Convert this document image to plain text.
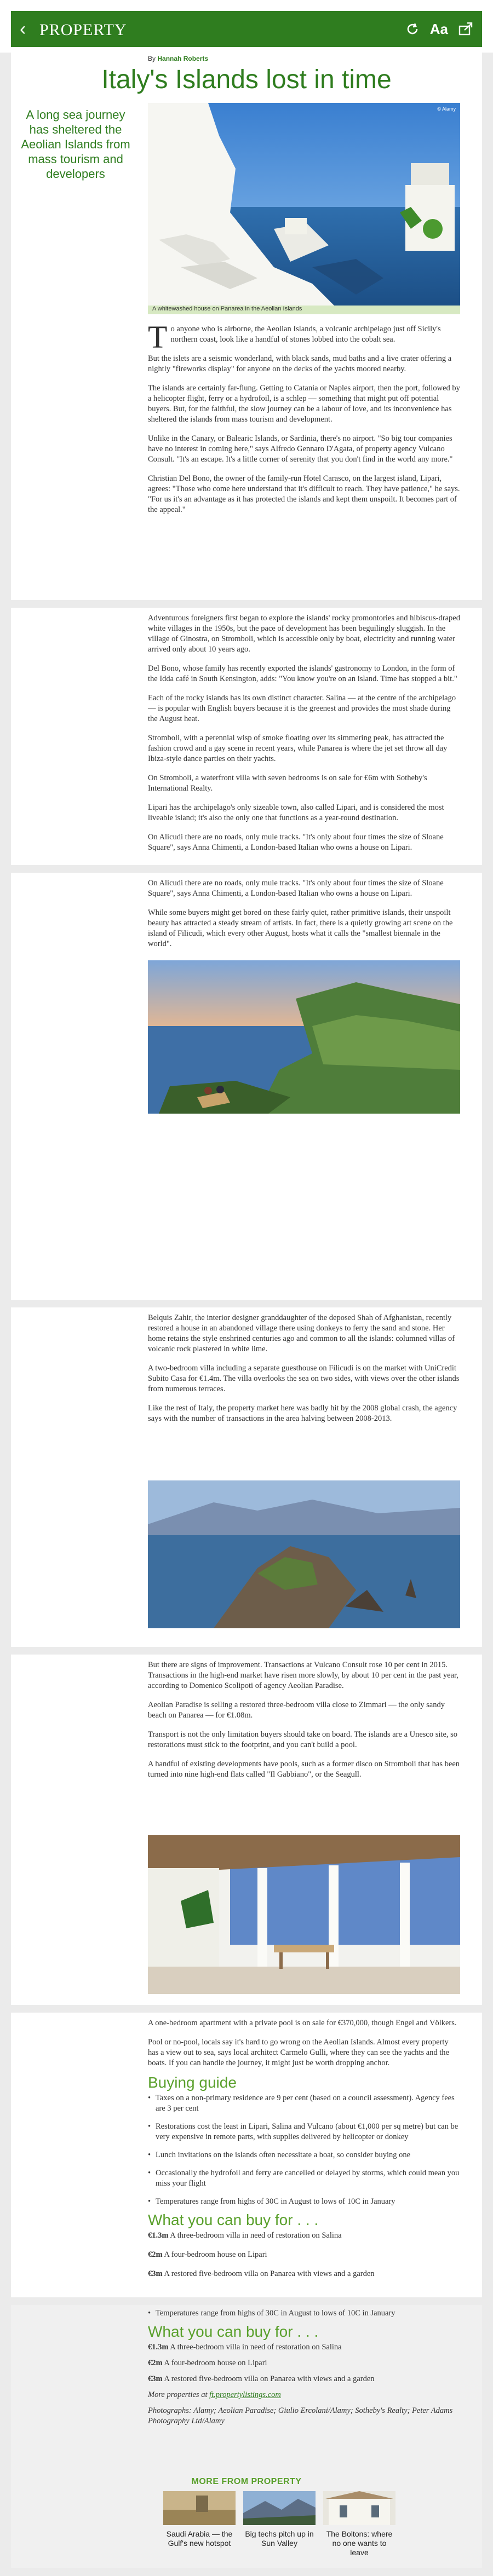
‹ PROPERTY	Aa
By Hannah Roberts
Italy's Islands lost in time
A long sea journey has sheltered the Aeolian Islands from mass tourism and developers
© Alamy
A whitewashed house on Panarea in the Aeolian Islands

To anyone who is airborne, the Aeolian Islands, a volcanic archipelago just off Sicily's northern coast, look like a handful of stones lobbed into the cobalt sea.

But the islets are a seismic wonderland, with black sands, mud baths and a live crater offering a nightly "fireworks display" for anyone on the decks of the yachts moored nearby.

The islands are certainly far-flung. Getting to Catania or Naples airport, then the port, followed by a helicopter flight, ferry or a hydrofoil, is a schlep — something that might put off potential buyers. But, for the faithful, the slow journey can be a labour of love, and its inconvenience has sheltered the islands from mass tourism and development.

Unlike in the Canary, or Balearic Islands, or Sardinia, there's no airport. "So big tour companies have no interest in coming here," says Alfredo Gennaro D'Agata, of property agency Vulcano Consult. "It's an escape. It's a little corner of serenity that you don't find in the world any more."

Christian Del Bono, the owner of the family-run Hotel Carasco, on the largest island, Lipari, agrees: "Those who come here understand that it's difficult to reach. They have patience," he says. "For us it's an advantage as it has protected the islands and kept them unspoilt. It becomes part of the appeal."

Adventurous foreigners first began to explore the islands' rocky promontories and hibiscus-draped white villages in the 1950s, but the pace of development has been beguilingly sluggish. In the village of Ginostra, on Stromboli, which is accessible only by boat, electricity and running water arrived only about 10 years ago.

Del Bono, whose family has recently exported the islands' gastronomy to London, in the form of the Idda café in South Kensington, adds: "You know you're on an island. Time has stopped a bit."

Each of the rocky islands has its own distinct character. Salina — at the centre of the archipelago — is popular with English buyers because it is the greenest and provides the most shade during the August heat.

Stromboli, with a perennial wisp of smoke floating over its simmering peak, has attracted the fashion crowd and a gay scene in recent years, while Panarea is where the jet set throw all day Ibiza-style dance parties on their yachts.

On Stromboli, a waterfront villa with seven bedrooms is on sale for €6m with Sotheby's International Realty.

Lipari has the archipelago's only sizeable town, also called Lipari, and is considered the most liveable island; it's also the only one that functions as a year-round destination.

On Alicudi there are no roads, only mule tracks. "It's only about four times the size of Sloane Square", says Anna Chimenti, a London-based Italian who owns a house on Lipari.

On Alicudi there are no roads, only mule tracks. "It's only about four times the size of Sloane Square", says Anna Chimenti, a London-based Italian who owns a house on Lipari.

While some buyers might get bored on these fairly quiet, rather primitive islands, their unspoilt beauty has attracted a steady stream of artists. In fact, there is a quietly growing art scene on the island of Filicudi, which every other August, hosts what it calls the "smallest biennale in the world".

Belquis Zahir, the interior designer granddaughter of the deposed Shah of Afghanistan, recently restored a house in an abandoned village there using donkeys to ferry the sand and stone. Her home retains the style enshrined centuries ago and common to all the islands: columned villas of volcanic rock plastered in white lime.

A two-bedroom villa including a separate guesthouse on Filicudi is on the market with UniCredit Subito Casa for €1.4m. The villa overlooks the sea on two sides, with views over the other islands from numerous terraces.

Like the rest of Italy, the property market here was badly hit by the 2008 global crash, the agency says with the number of transactions in the area halving between 2008-2013.

But there are signs of improvement. Transactions at Vulcano Consult rose 10 per cent in 2015. Transactions in the high-end market have risen more slowly, by about 10 per cent in the past year, according to Domenico Scolipoti of agency Aeolian Paradise.

Aeolian Paradise is selling a restored three-bedroom villa close to Zimmari — the only sandy beach on Panarea — for €1.08m.

Transport is not the only limitation buyers should take on board. The islands are a Unesco site, so restorations must stick to the footprint, and you can't build a pool.

A handful of existing developments have pools, such as a former disco on Stromboli that has been turned into nine high-end flats called "Il Gabbiano", or the Seagull.

A one-bedroom apartment with a private pool is on sale for €370,000, though Engel and Völkers.

Pool or no-pool, locals say it's hard to go wrong on the Aeolian Islands. Almost every property has a view out to sea, says local architect Carmelo Gulli, where they can see the yachts and the boats. If you can handle the journey, it might just be worth dropping anchor.

Buying guide
• Taxes on a non-primary residence are 9 per cent (based on a council assessment). Agency fees are 3 per cent
• Restorations cost the least in Lipari, Salina and Vulcano (about €1,000 per sq metre) but can be very expensive in remote parts, with supplies delivered by helicopter or donkey
• Lunch invitations on the islands often necessitate a boat, so consider buying one
• Occasionally the hydrofoil and ferry are cancelled or delayed by storms, which could mean you miss your flight
• Temperatures range from highs of 30C in August to lows of 10C in January
What you can buy for . . .

€1.3m A three-bedroom villa in need of restoration on Salina

€2m A four-bedroom house on Lipari

€3m A restored five-bedroom villa on Panarea with views and a garden

• Temperatures range from highs of 30C in August to lows of 10C in January
What you can buy for . . .

€1.3m A three-bedroom villa in need of restoration on Salina

€2m A four-bedroom house on Lipari

€3m A restored five-bedroom villa on Panarea with views and a garden

More properties at ft.propertylistings.com

Photographs: Alamy; Aeolian Paradise; Giulio Ercolani/Alamy; Sotheby's Realty; Peter Adams Photography Ltd/Alamy

MORE FROM PROPERTY
Saudi Arabia — the Gulf's new hotspot
Big techs pitch up in Sun Valley
The Boltons: where no one wants to leave
